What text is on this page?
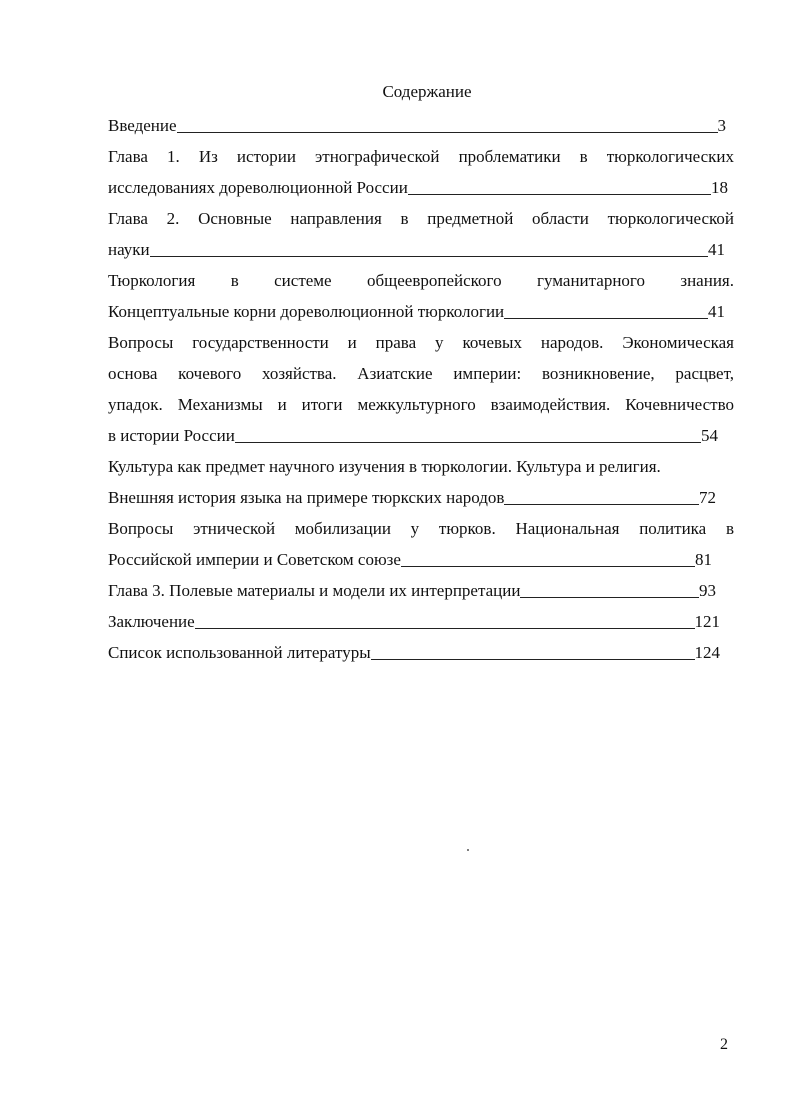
Содержание
Введение	3
Глава 1. Из истории этнографической проблематики в тюркологических
исследованиях дореволюционной России	18
Глава 2. Основные направления в предметной области тюркологической
науки	41
Тюркология в системе общеевропейского гуманитарного знания.
Концептуальные корни дореволюционной тюркологии	41
Вопросы государственности и права у кочевых народов. Экономическая
основа кочевого хозяйства. Азиатские империи: возникновение, расцвет,
упадок. Механизмы и итоги межкультурного взаимодействия. Кочевничество
в истории России	54
Культура как предмет научного изучения в тюркологии. Культура и религия.
Внешняя история языка на примере тюркских народов	72
Вопросы этнической мобилизации у тюрков. Национальная политика в
Российской империи и Советском союзе	81
Глава 3. Полевые материалы и модели их интерпретации	93
Заключение	121
Список использованной литературы	124
2
